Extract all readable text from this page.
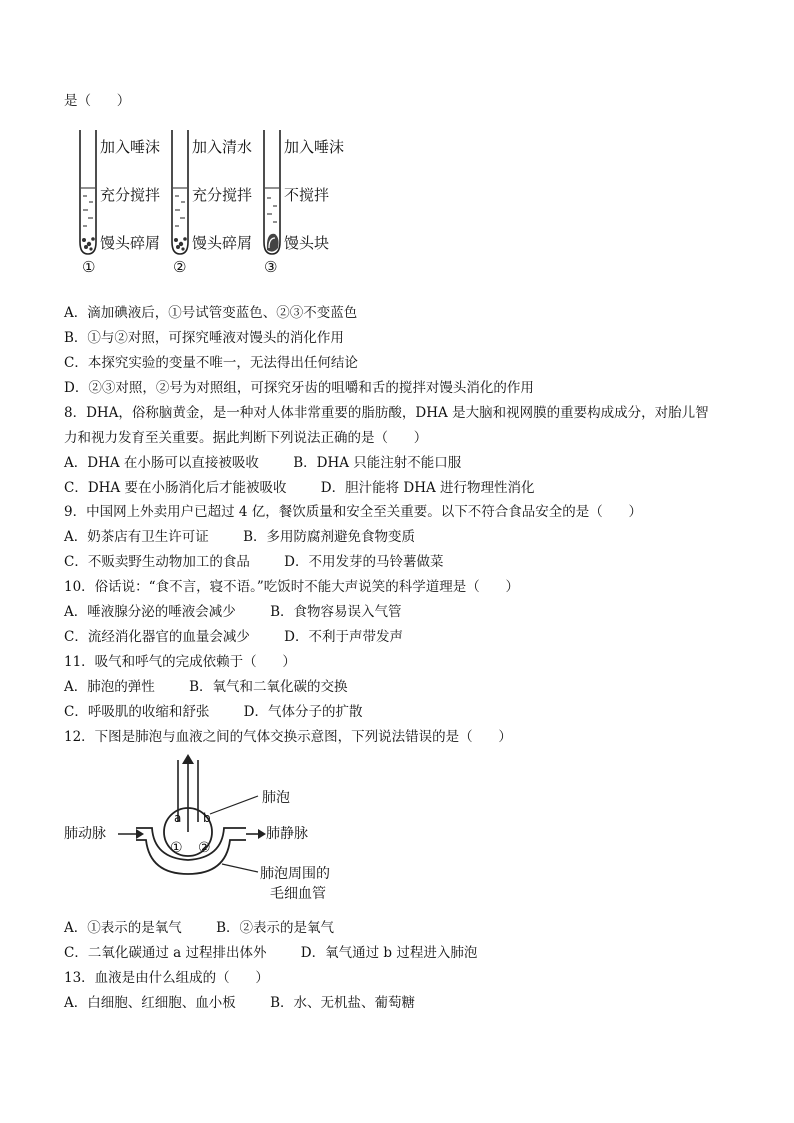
是（      ）
加入唾沫
充分搅拌
馒头碎屑
①
加入清水
充分搅拌
馒头碎屑
②
加入唾沫
不搅拌
馒头块
③
A．滴加碘液后，①号试管变蓝色、②③不变蓝色
B．①与②对照，可探究唾液对馒头的消化作用
C．本探究实验的变量不唯一，无法得出任何结论
D．②③对照，②号为对照组，可探究牙齿的咀嚼和舌的搅拌对馒头消化的作用
8．DHA，俗称脑黄金，是一种对人体非常重要的脂肪酸，DHA 是大脑和视网膜的重要构成成分，对胎儿智
力和视力发育至关重要。据此判断下列说法正确的是（      ）
A．DHA 在小肠可以直接被吸收        B．DHA 只能注射不能口服
C．DHA 要在小肠消化后才能被吸收        D．胆汁能将 DHA 进行物理性消化
9．中国网上外卖用户已超过 4 亿，餐饮质量和安全至关重要。以下不符合食品安全的是（      ）
A．奶茶店有卫生许可证        B．多用防腐剂避免食物变质
C．不贩卖野生动物加工的食品        D．不用发芽的马铃薯做菜
10．俗话说：“食不言，寝不语。”吃饭时不能大声说笑的科学道理是（      ）
A．唾液腺分泌的唾液会减少        B．食物容易误入气管
C．流经消化器官的血量会减少        D．不利于声带发声
11．吸气和呼气的完成依赖于（      ）
A．肺泡的弹性        B．氧气和二氧化碳的交换
C．呼吸肌的收缩和舒张        D．气体分子的扩散
12．下图是肺泡与血液之间的气体交换示意图，下列说法错误的是（      ）
肺泡
肺动脉	肺静脉
肺泡周围的
毛细血管
a b
① ②
A．①表示的是氧气        B．②表示的是氧气
C．二氧化碳通过 a 过程排出体外        D．氧气通过 b 过程进入肺泡
13．血液是由什么组成的（      ）
A．白细胞、红细胞、血小板        B．水、无机盐、葡萄糖
